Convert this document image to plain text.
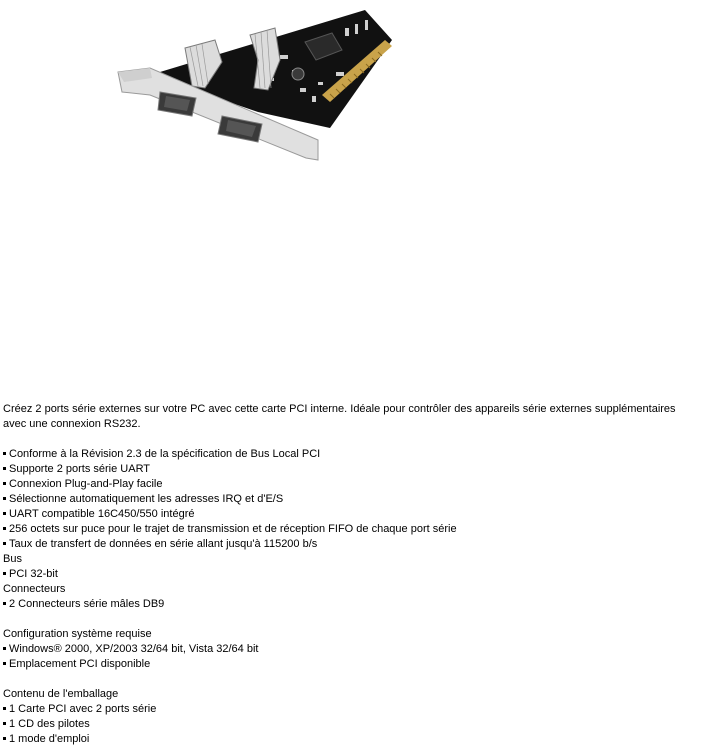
Créez 2 ports série externes sur votre PC avec cette carte PCI interne. Idéale pour contrôler des appareils série externes supplémentaires avec une connexion RS232.
Conforme à la Révision 2.3 de la spécification de Bus Local PCI
Supporte 2 ports série UART
Connexion Plug-and-Play facile
Sélectionne automatiquement les adresses IRQ et d'E/S
UART compatible 16C450/550 intégré
256 octets sur puce pour le trajet de transmission et de réception FIFO de chaque port série
Taux de transfert de données en série allant jusqu'à 115200 b/s
Bus
PCI 32-bit
Connecteurs
2 Connecteurs série mâles DB9
Configuration système requise
Windows® 2000, XP/2003 32/64 bit, Vista 32/64 bit
Emplacement PCI disponible
Contenu de l'emballage
1 Carte PCI avec 2 ports série
1 CD des pilotes
1 mode d'emploi
